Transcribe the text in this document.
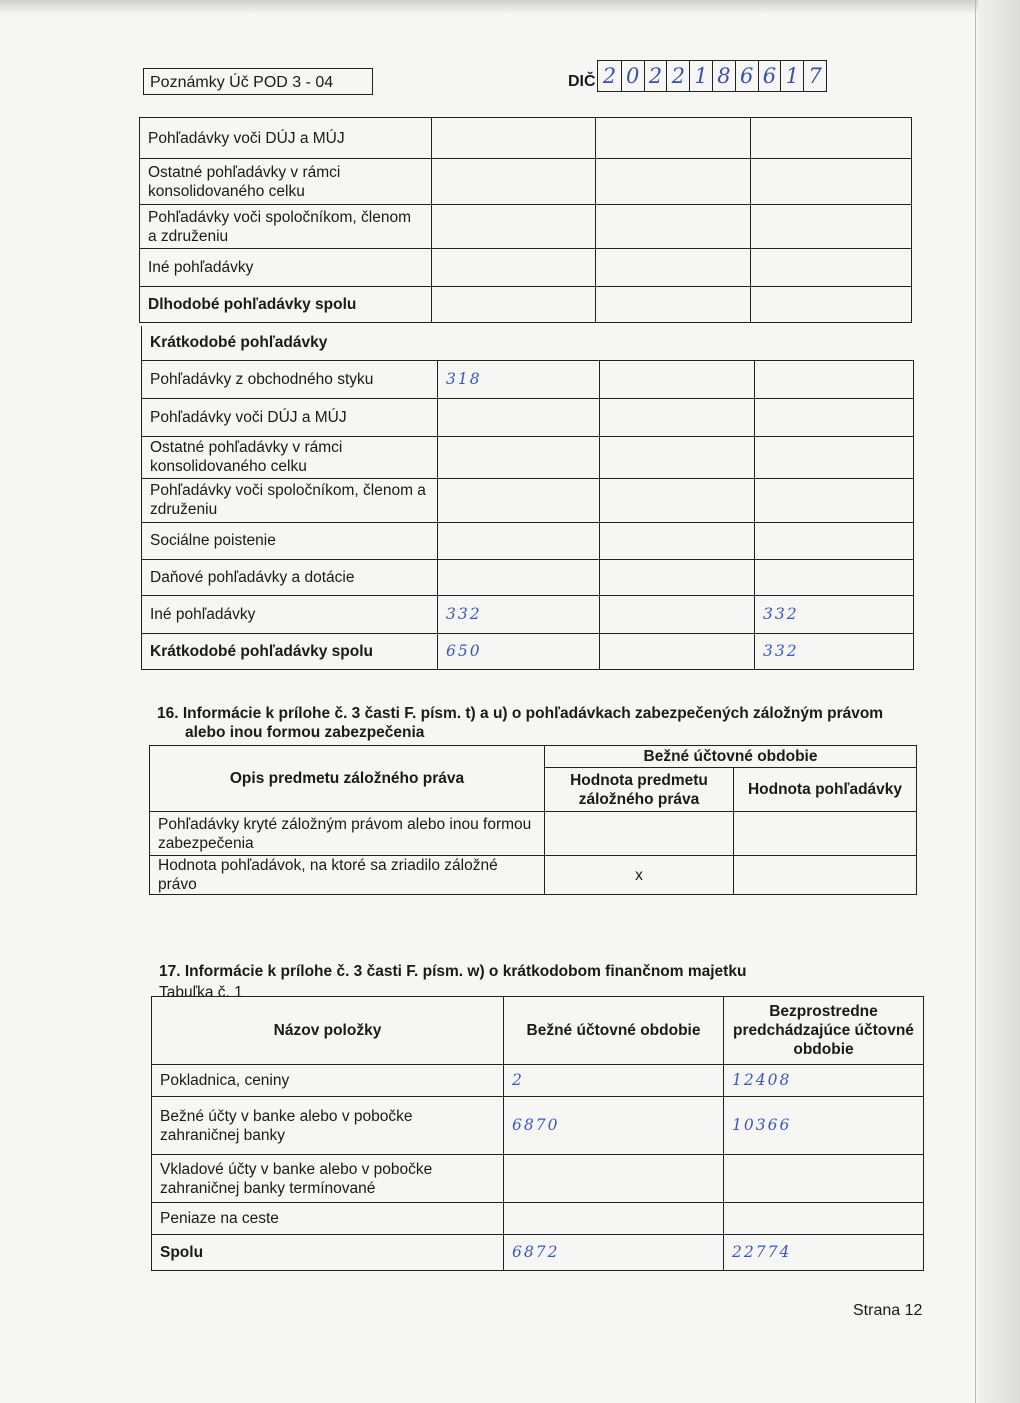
Poznámky Úč POD 3 - 04	DIČ 2 0 2 2 1 8 6 6 1 7
Pohľadávky voči DÚJ a MÚJ			
Ostatné pohľadávky v rámci konsolidovaného celku			
Pohľadávky voči spoločníkom, členom a združeniu			
Iné pohľadávky			
Dlhodobé pohľadávky spolu			
Krátkodobé pohľadávky			
Pohľadávky z obchodného styku	318		
Pohľadávky voči DÚJ a MÚJ			
Ostatné pohľadávky v rámci konsolidovaného celku			
Pohľadávky voči spoločníkom, členom a združeniu			
Sociálne poistenie			
Daňové pohľadávky a dotácie			
Iné pohľadávky	332		332
Krátkodobé pohľadávky spolu	650		332
16. Informácie k prílohe č. 3 časti F. písm. t) a u) o pohľadávkach zabezpečených záložným právom alebo inou formou zabezpečenia
Opis predmetu záložného práva	Bežné účtovné obdobie	
	Hodnota predmetu záložného práva	Hodnota pohľadávky
Pohľadávky kryté záložným právom alebo inou formou zabezpečenia		
Hodnota pohľadávok, na ktoré sa zriadilo záložné právo	x	
17. Informácie k prílohe č. 3 časti F. písm. w) o krátkodobom finančnom majetku
Tabuľka č. 1
Názov položky	Bežné účtovné obdobie	Bezprostredne predchádzajúce účtovné obdobie
Pokladnica, ceniny	2	12408
Bežné účty v banke alebo v pobočke zahraničnej banky	6870	10366
Vkladové účty v banke alebo v pobočke zahraničnej banky termínované		
Peniaze na ceste		
Spolu	6872	22774
Strana 12
